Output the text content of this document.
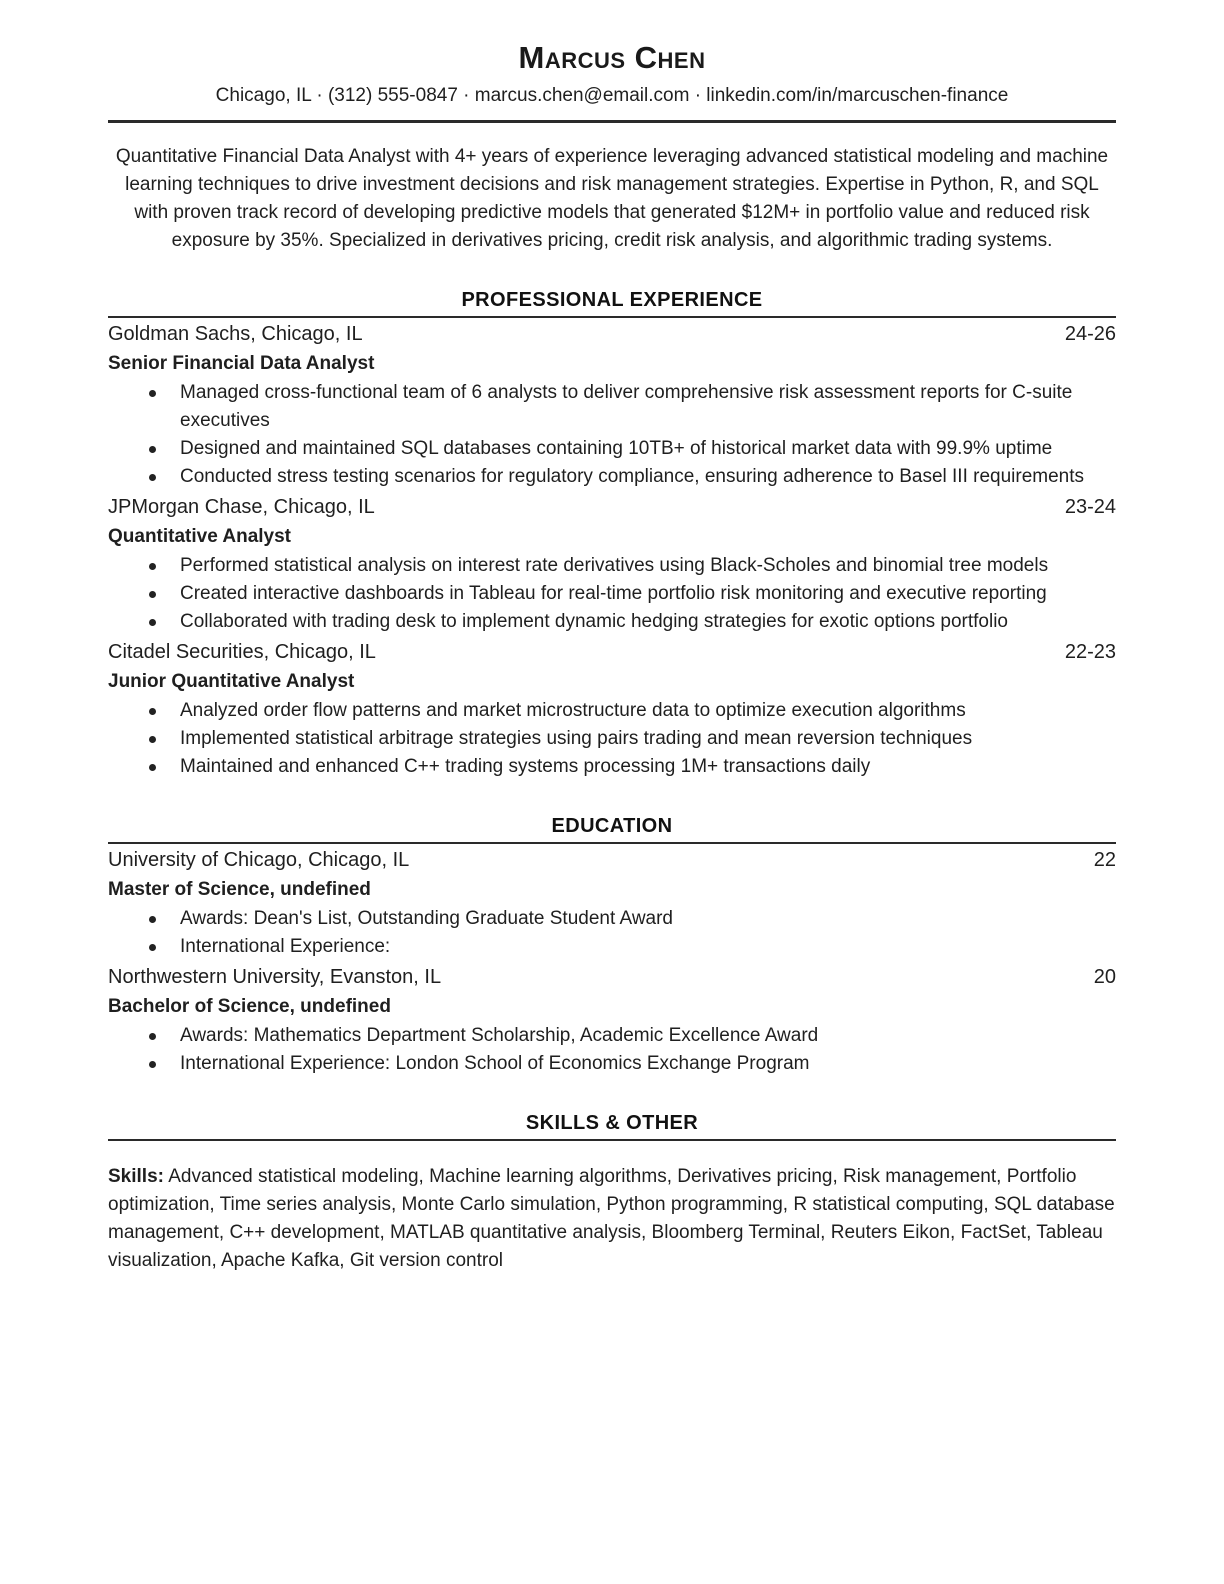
Marcus Chen

Chicago, IL · (312) 555-0847 · marcus.chen@email.com · linkedin.com/in/marcuschen-finance

Quantitative Financial Data Analyst with 4+ years of experience leveraging advanced statistical modeling and machine learning techniques to drive investment decisions and risk management strategies. Expertise in Python, R, and SQL with proven track record of developing predictive models that generated $12M+ in portfolio value and reduced risk exposure by 35%. Specialized in derivatives pricing, credit risk analysis, and algorithmic trading systems.

PROFESSIONAL EXPERIENCE
Goldman Sachs, Chicago, IL	24-26
Senior Financial Data Analyst
Managed cross-functional team of 6 analysts to deliver comprehensive risk assessment reports for C-suite executives
Designed and maintained SQL databases containing 10TB+ of historical market data with 99.9% uptime
Conducted stress testing scenarios for regulatory compliance, ensuring adherence to Basel III requirements
JPMorgan Chase, Chicago, IL	23-24
Quantitative Analyst
Performed statistical analysis on interest rate derivatives using Black-Scholes and binomial tree models
Created interactive dashboards in Tableau for real-time portfolio risk monitoring and executive reporting
Collaborated with trading desk to implement dynamic hedging strategies for exotic options portfolio
Citadel Securities, Chicago, IL	22-23
Junior Quantitative Analyst
Analyzed order flow patterns and market microstructure data to optimize execution algorithms
Implemented statistical arbitrage strategies using pairs trading and mean reversion techniques
Maintained and enhanced C++ trading systems processing 1M+ transactions daily
EDUCATION
University of Chicago, Chicago, IL	22
Master of Science, undefined
Awards: Dean's List, Outstanding Graduate Student Award
International Experience:
Northwestern University, Evanston, IL	20
Bachelor of Science, undefined
Awards: Mathematics Department Scholarship, Academic Excellence Award
International Experience: London School of Economics Exchange Program
SKILLS & OTHER

Skills: Advanced statistical modeling, Machine learning algorithms, Derivatives pricing, Risk management, Portfolio optimization, Time series analysis, Monte Carlo simulation, Python programming, R statistical computing, SQL database management, C++ development, MATLAB quantitative analysis, Bloomberg Terminal, Reuters Eikon, FactSet, Tableau visualization, Apache Kafka, Git version control
